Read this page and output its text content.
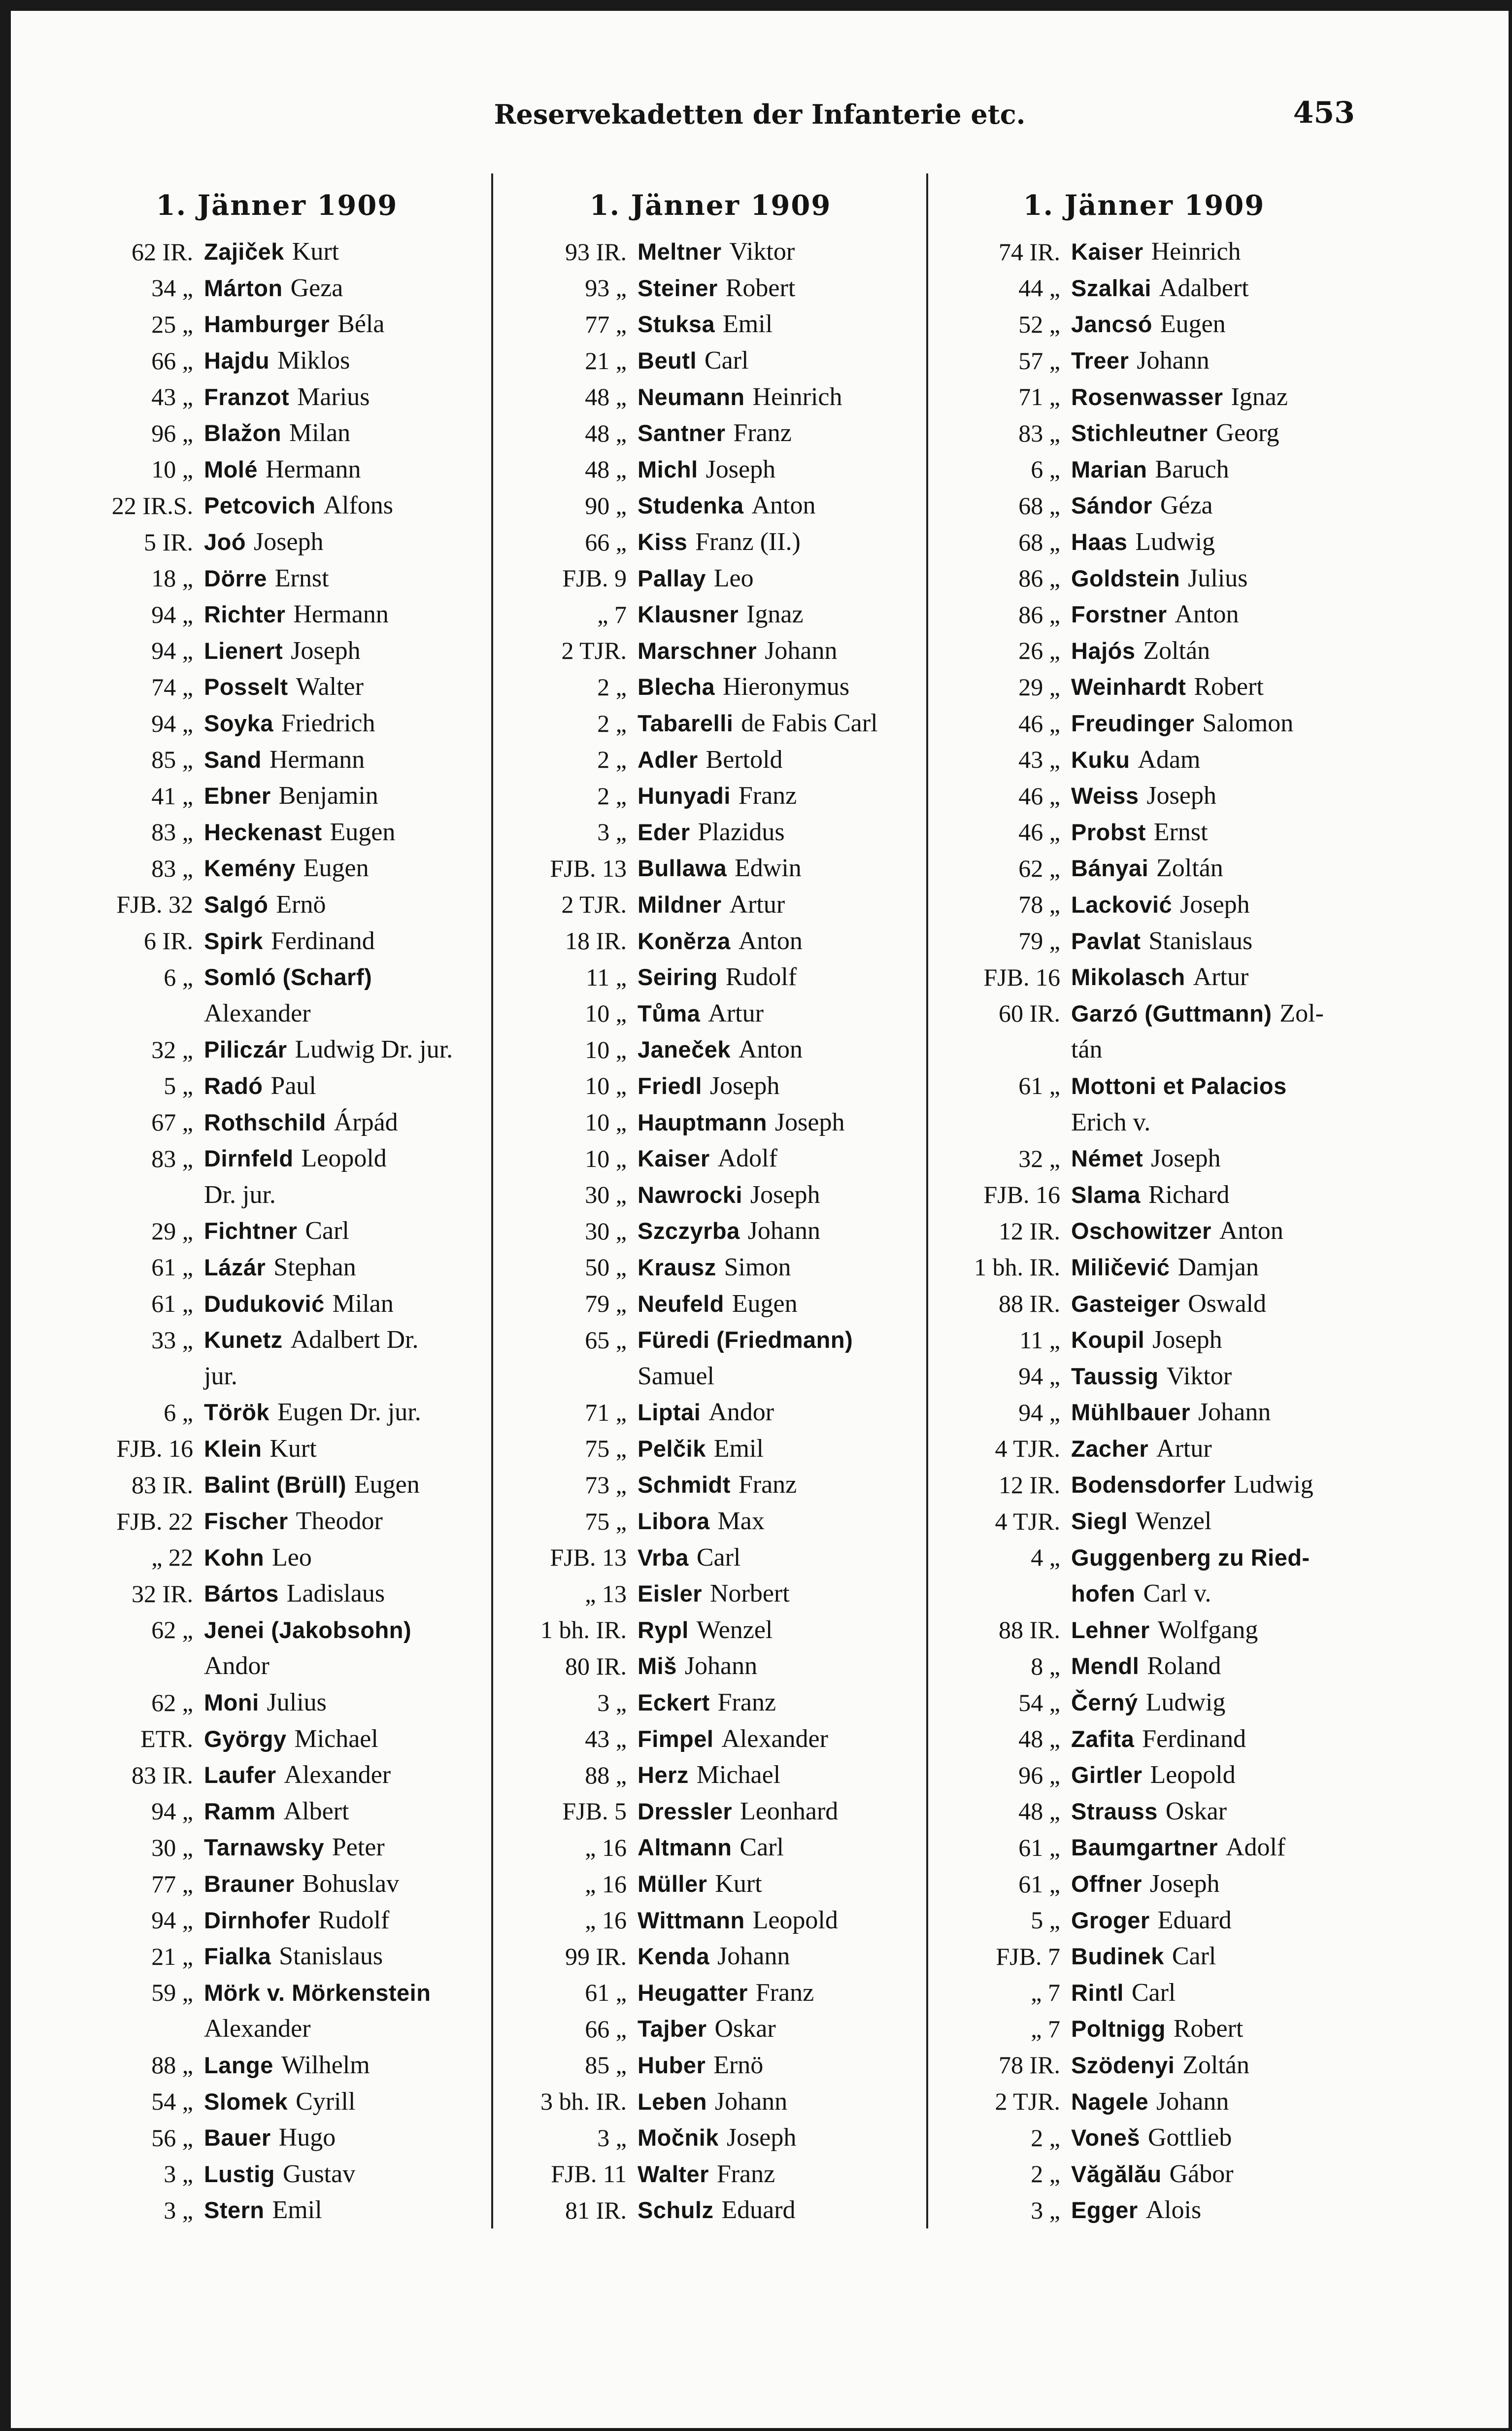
Reservekadetten der Infanterie etc.	453
1. Jänner 1909
62 IR. Zajiček Kurt
34 „ Márton Geza
25 „ Hamburger Béla
66 „ Hajdu Miklos
43 „ Franzot Marius
96 „ Blažon Milan
10 „ Molé Hermann
22 IR.S. Petcovich Alfons
5 IR. Joó Joseph
18 „ Dörre Ernst
94 „ Richter Hermann
94 „ Lienert Joseph
74 „ Posselt Walter
94 „ Soyka Friedrich
85 „ Sand Hermann
41 „ Ebner Benjamin
83 „ Heckenast Eugen
83 „ Kemény Eugen
FJB. 32 Salgó Ernö
6 IR. Spirk Ferdinand
6 „ Somló (Scharf)
Alexander
32 „ Piliczár Ludwig Dr. jur.
5 „ Radó Paul
67 „ Rothschild Árpád
83 „ Dirnfeld Leopold
Dr. jur.
29 „ Fichtner Carl
61 „ Lázár Stephan
61 „ Duduković Milan
33 „ Kunetz Adalbert Dr.
jur.
6 „ Török Eugen Dr. jur.
FJB. 16 Klein Kurt
83 IR. Balint (Brüll) Eugen
FJB. 22 Fischer Theodor
„ 22 Kohn Leo
32 IR. Bártos Ladislaus
62 „ Jenei (Jakobsohn)
Andor
62 „ Moni Julius
ETR. György Michael
83 IR. Laufer Alexander
94 „ Ramm Albert
30 „ Tarnawsky Peter
77 „ Brauner Bohuslav
94 „ Dirnhofer Rudolf
21 „ Fialka Stanislaus
59 „ Mörk v. Mörkenstein
Alexander
88 „ Lange Wilhelm
54 „ Slomek Cyrill
56 „ Bauer Hugo
3 „ Lustig Gustav
3 „ Stern Emil
1. Jänner 1909
93 IR. Meltner Viktor
93 „ Steiner Robert
77 „ Stuksa Emil
21 „ Beutl Carl
48 „ Neumann Heinrich
48 „ Santner Franz
48 „ Michl Joseph
90 „ Studenka Anton
66 „ Kiss Franz (II.)
FJB. 9 Pallay Leo
„ 7 Klausner Ignaz
2 TJR. Marschner Johann
2 „ Blecha Hieronymus
2 „ Tabarelli de Fabis Carl
2 „ Adler Bertold
2 „ Hunyadi Franz
3 „ Eder Plazidus
FJB. 13 Bullawa Edwin
2 TJR. Mildner Artur
18 IR. Konĕrza Anton
11 „ Seiring Rudolf
10 „ Tůma Artur
10 „ Janeček Anton
10 „ Friedl Joseph
10 „ Hauptmann Joseph
10 „ Kaiser Adolf
30 „ Nawrocki Joseph
30 „ Szczyrba Johann
50 „ Krausz Simon
79 „ Neufeld Eugen
65 „ Füredi (Friedmann)
Samuel
71 „ Liptai Andor
75 „ Pelčik Emil
73 „ Schmidt Franz
75 „ Libora Max
FJB. 13 Vrba Carl
„ 13 Eisler Norbert
1 bh. IR. Rypl Wenzel
80 IR. Miš Johann
3 „ Eckert Franz
43 „ Fimpel Alexander
88 „ Herz Michael
FJB. 5 Dressler Leonhard
„ 16 Altmann Carl
„ 16 Müller Kurt
„ 16 Wittmann Leopold
99 IR. Kenda Johann
61 „ Heugatter Franz
66 „ Tajber Oskar
85 „ Huber Ernö
3 bh. IR. Leben Johann
3 „ Močnik Joseph
FJB. 11 Walter Franz
81 IR. Schulz Eduard
1. Jänner 1909
74 IR. Kaiser Heinrich
44 „ Szalkai Adalbert
52 „ Jancsó Eugen
57 „ Treer Johann
71 „ Rosenwasser Ignaz
83 „ Stichleutner Georg
6 „ Marian Baruch
68 „ Sándor Géza
68 „ Haas Ludwig
86 „ Goldstein Julius
86 „ Forstner Anton
26 „ Hajós Zoltán
29 „ Weinhardt Robert
46 „ Freudinger Salomon
43 „ Kuku Adam
46 „ Weiss Joseph
46 „ Probst Ernst
62 „ Bányai Zoltán
78 „ Lacković Joseph
79 „ Pavlat Stanislaus
FJB. 16 Mikolasch Artur
60 IR. Garzó (Guttmann) Zol-
tán
61 „ Mottoni et Palacios
Erich v.
32 „ Német Joseph
FJB. 16 Slama Richard
12 IR. Oschowitzer Anton
1 bh. IR. Miličević Damjan
88 IR. Gasteiger Oswald
11 „ Koupil Joseph
94 „ Taussig Viktor
94 „ Mühlbauer Johann
4 TJR. Zacher Artur
12 IR. Bodensdorfer Ludwig
4 TJR. Siegl Wenzel
4 „ Guggenberg zu Ried-
hofen Carl v.
88 IR. Lehner Wolfgang
8 „ Mendl Roland
54 „ Černý Ludwig
48 „ Zafita Ferdinand
96 „ Girtler Leopold
48 „ Strauss Oskar
61 „ Baumgartner Adolf
61 „ Offner Joseph
5 „ Groger Eduard
FJB. 7 Budinek Carl
„ 7 Rintl Carl
„ 7 Poltnigg Robert
78 IR. Szödenyi Zoltán
2 TJR. Nagele Johann
2 „ Voneš Gottlieb
2 „ Văgălău Gábor
3 „ Egger Alois
